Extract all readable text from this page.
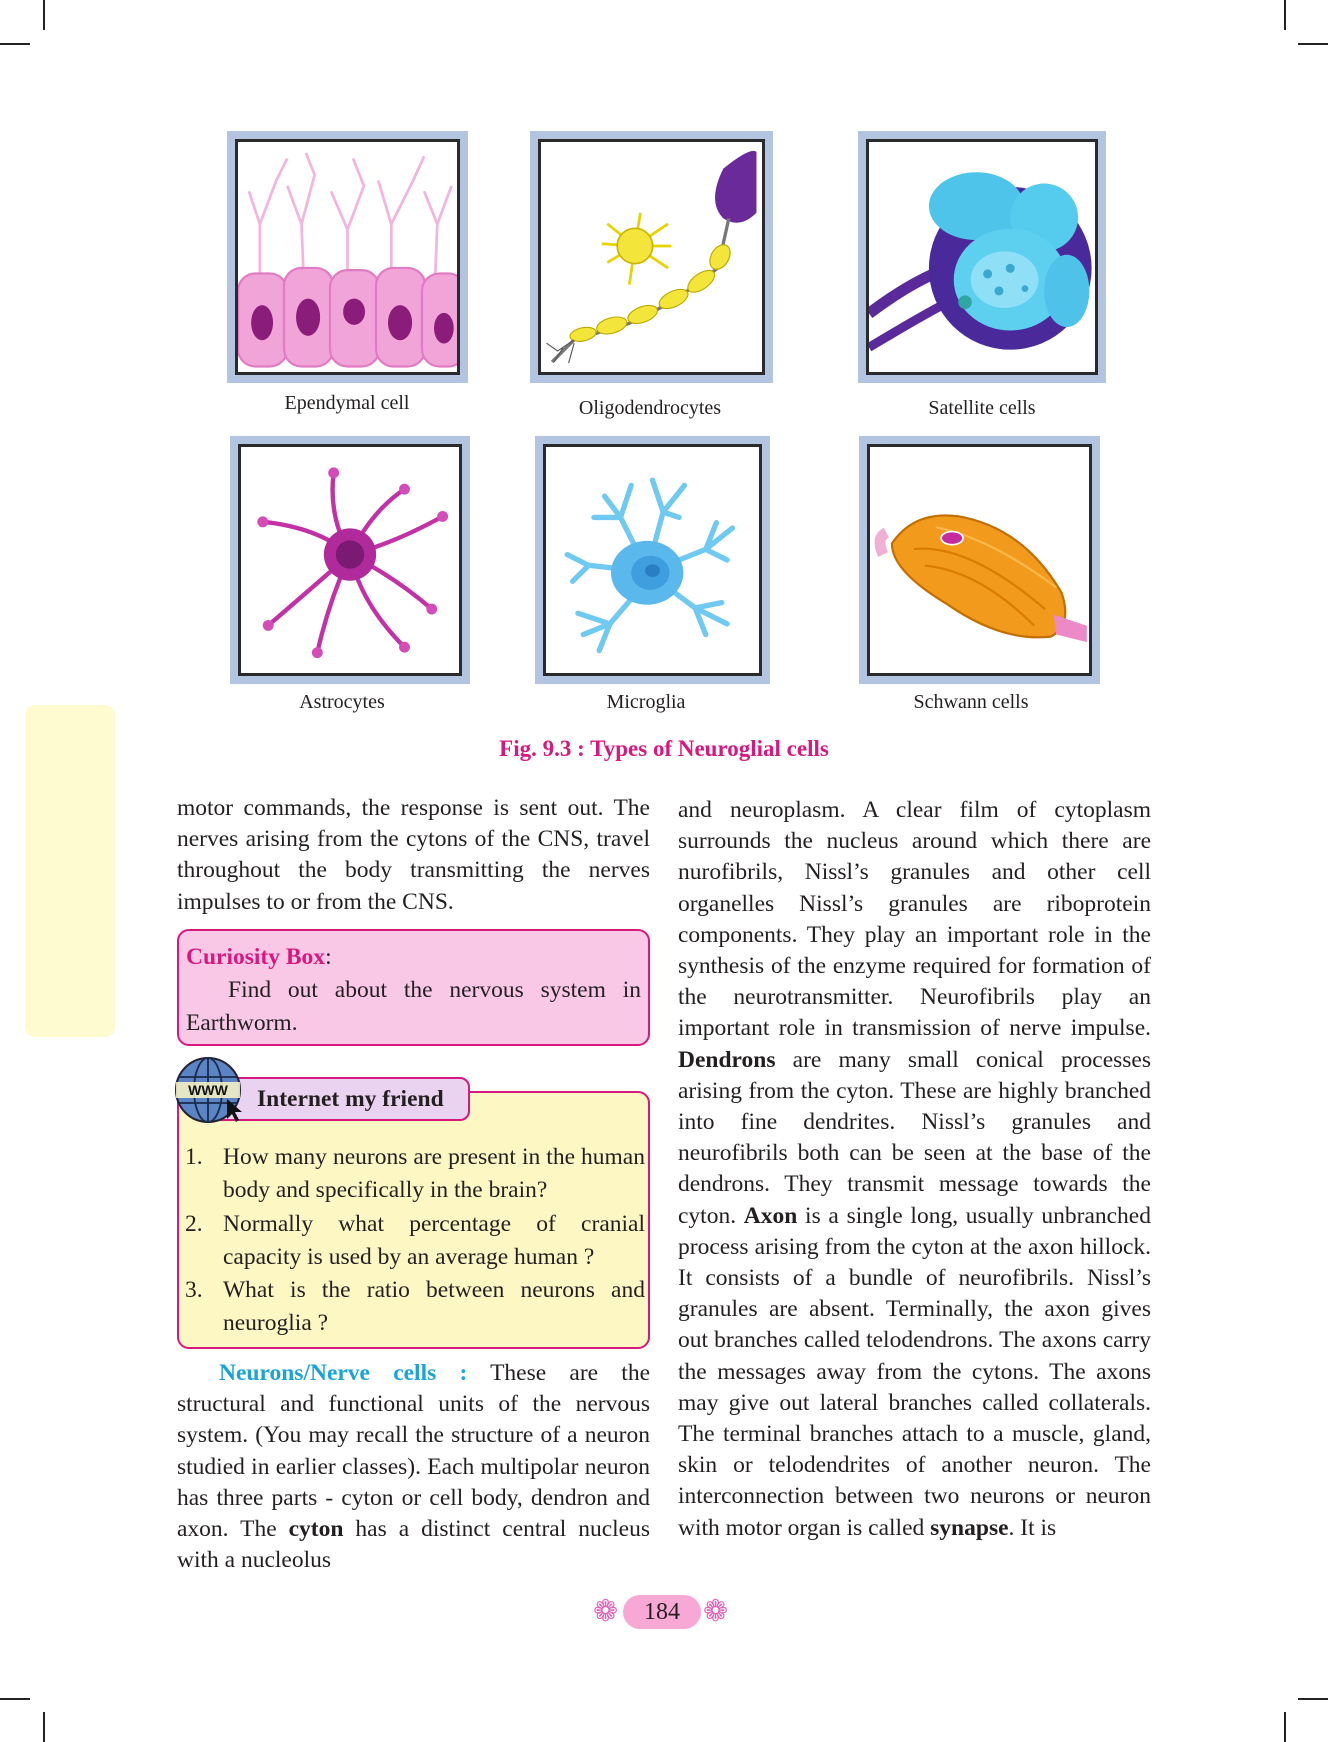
Ependymal cell	Oligodendrocytes	Satellite cells
Astrocytes	Microglia	Schwann cells
Fig. 9.3 : Types of Neuroglial cells

motor commands, the response is sent out. The nerves arising from the cytons of the CNS, travel throughout the body transmitting the nerves impulses to or from the CNS.

Curiosity Box:

Find out about the nervous system in Earthworm.

Internet my friend
WWW
1. How many neurons are present in the human body and specifically in the brain?
2. Normally what percentage of cranial capacity is used by an average human ?
3. What is the ratio between neurons and neuroglia ?

Neurons/Nerve cells : These are the structural and functional units of the nervous system. (You may recall the structure of a neuron studied in earlier classes). Each multipolar neuron has three parts - cyton or cell body, dendron and axon. The cyton has a distinct central nucleus with a nucleolus

and neuroplasm. A clear film of cytoplasm surrounds the nucleus around which there are nurofibrils, Nissl’s granules and other cell organelles Nissl’s granules are riboprotein components. They play an important role in the synthesis of the enzyme required for formation of the neurotransmitter. Neurofibrils play an important role in transmission of nerve impulse. Dendrons are many small conical processes arising from the cyton. These are highly branched into fine dendrites. Nissl’s granules and neurofibrils both can be seen at the base of the dendrons. They transmit message towards the cyton. Axon is a single long, usually unbranched process arising from the cyton at the axon hillock. It consists of a bundle of neurofibrils. Nissl’s granules are absent. Terminally, the axon gives out branches called telodendrons. The axons carry the messages away from the cytons. The axons may give out lateral branches called collaterals. The terminal branches attach to a muscle, gland, skin or telodendrites of another neuron. The interconnection between two neurons or neuron with motor organ is called synapse. It is

❁	184 ❁
